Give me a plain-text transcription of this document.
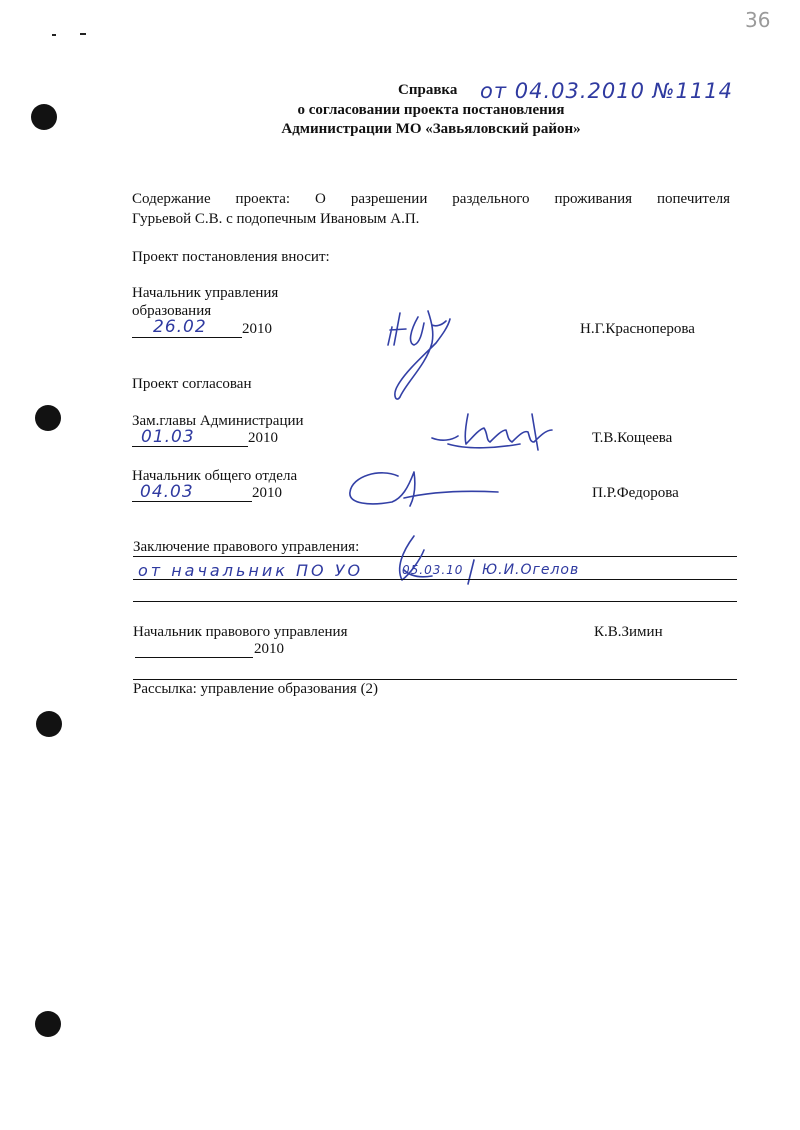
36
Справка от 04.03.2010 №1114
о согласовании проекта постановления
Администрации МО «Завьяловский район»
Содержание проекта: О разрешении раздельного проживания попечителя
Гурьевой С.В. с подопечным Ивановым А.П.
Проект постановления вносит:
Начальник управления
образования
26.02 2010	Н.Г.Красноперова
Проект согласован
Зам.главы Администрации
01.03	2010	Т.В.Кощеева
Начальник общего отдела
04.03	2010	П.Р.Федорова
Заключение правового управления:
от начальник ПО УО	05.03.10 Ю.И.Огелов
Начальник правового управления	К.В.Зимин
2010
Рассылка: управление образования (2)
